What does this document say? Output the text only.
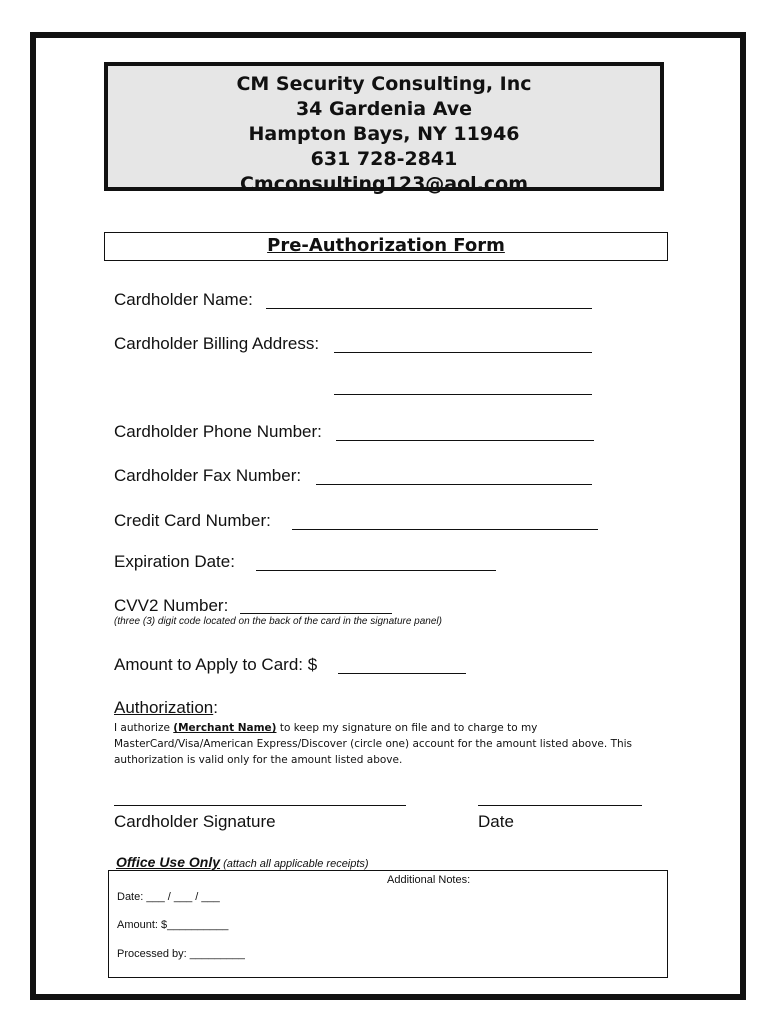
CM Security Consulting, Inc
34 Gardenia Ave
Hampton Bays, NY 11946
631 728-2841
Cmconsulting123@aol.com
Pre-Authorization Form
Cardholder Name:
Cardholder Billing Address:
Cardholder Phone Number:
Cardholder Fax Number:
Credit Card Number:
Expiration Date:
CVV2 Number:
(three (3) digit code located on the back of the card in the signature panel)
Amount to Apply to Card: $
Authorization:
I authorize (Merchant Name) to keep my signature on file and to charge to my MasterCard/Visa/American Express/Discover (circle one) account for the amount listed above. This authorization is valid only for the amount listed above.
Cardholder Signature	Date
Office Use Only (attach all applicable receipts)
Additional Notes:
Date: ___ / ___ / ___
Amount: $__________
Processed by: _________
